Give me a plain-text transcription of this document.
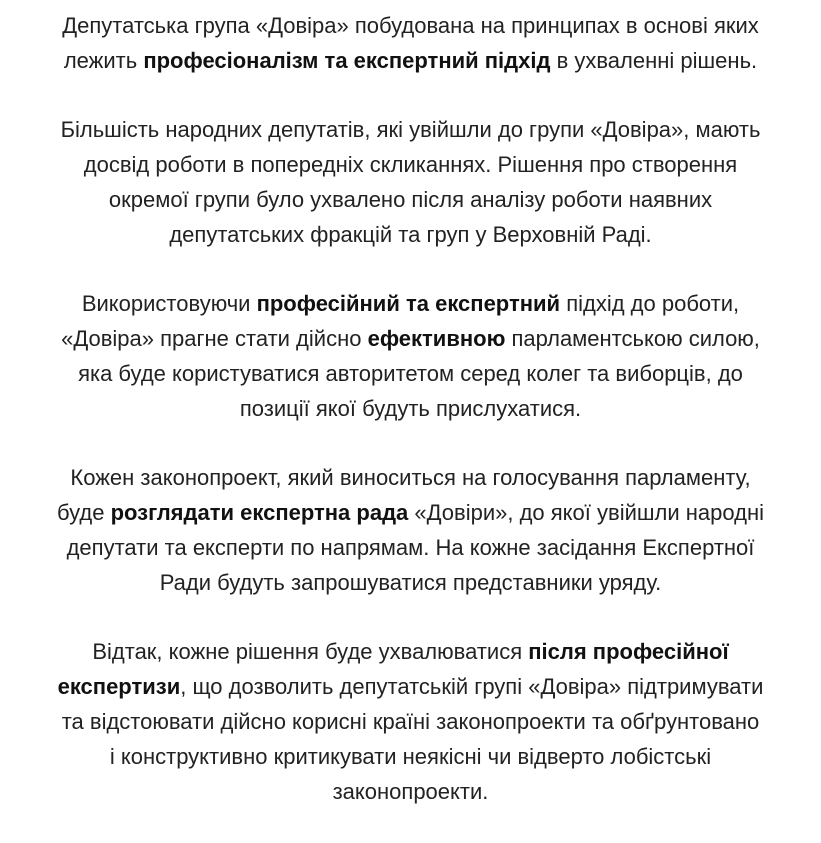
Депутатська група «Довіра» побудована на принципах в основі яких
лежить професіоналізм та експертний підхід в ухваленні рішень.

Більшість народних депутатів, які увійшли до групи «Довіра», мають
досвід роботи в попередніх скликаннях. Рішення про створення
окремої групи було ухвалено після аналізу роботи наявних
депутатських фракцій та груп у Верховній Раді.

Використовуючи професійний та експертний підхід до роботи,
«Довіра» прагне стати дійсно ефективною парламентською силою,
яка буде користуватися авторитетом серед колег та виборців, до
позиції якої будуть прислухатися.

Кожен законопроект, який виноситься на голосування парламенту,
буде розглядати експертна рада «Довіри», до якої увійшли народні
депутати та експерти по напрямам. На кожне засідання Експертної
Ради будуть запрошуватися представники уряду.

Відтак, кожне рішення буде ухвалюватися після професійної
експертизи, що дозволить депутатській групі «Довіра» підтримувати
та відстоювати дійсно корисні країні законопроекти та обґрунтовано
і конструктивно критикувати неякісні чи відверто лобістські
законопроекти.
